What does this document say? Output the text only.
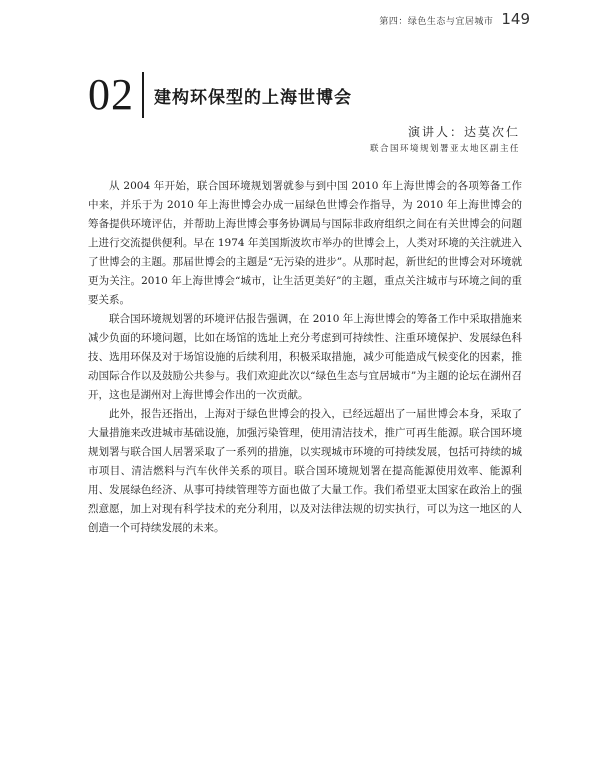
第四：绿色生态与宜居城市 149
02 建构环保型的上海世博会
演讲人：达莫次仁
联合国环境规划署亚太地区副主任

从 2004 年开始，联合国环境规划署就参与到中国 2010 年上海世博会的各项筹备工作中来，并乐于为 2010 年上海世博会办成一届绿色世博会作指导，为 2010 年上海世博会的筹备提供环境评估，并帮助上海世博会事务协调局与国际非政府组织之间在有关世博会的问题上进行交流提供便利。早在 1974 年美国斯波坎市举办的世博会上，人类对环境的关注就进入了世博会的主题。那届世博会的主题是“无污染的进步”。从那时起，新世纪的世博会对环境就更为关注。2010 年上海世博会“城市，让生活更美好”的主题，重点关注城市与环境之间的重要关系。

联合国环境规划署的环境评估报告强调，在 2010 年上海世博会的筹备工作中采取措施来减少负面的环境问题，比如在场馆的选址上充分考虑到可持续性、注重环境保护、发展绿色科技、选用环保及对于场馆设施的后续利用，积极采取措施，减少可能造成气候变化的因素，推动国际合作以及鼓励公共参与。我们欢迎此次以“绿色生态与宜居城市”为主题的论坛在湖州召开，这也是湖州对上海世博会作出的一次贡献。

此外，报告还指出，上海对于绿色世博会的投入，已经远超出了一届世博会本身，采取了大量措施来改进城市基础设施，加强污染管理，使用清洁技术，推广可再生能源。联合国环境规划署与联合国人居署采取了一系列的措施，以实现城市环境的可持续发展，包括可持续的城市项目、清洁燃料与汽车伙伴关系的项目。联合国环境规划署在提高能源使用效率、能源利用、发展绿色经济、从事可持续管理等方面也做了大量工作。我们希望亚太国家在政治上的强烈意愿，加上对现有科学技术的充分利用，以及对法律法规的切实执行，可以为这一地区的人创造一个可持续发展的未来。
